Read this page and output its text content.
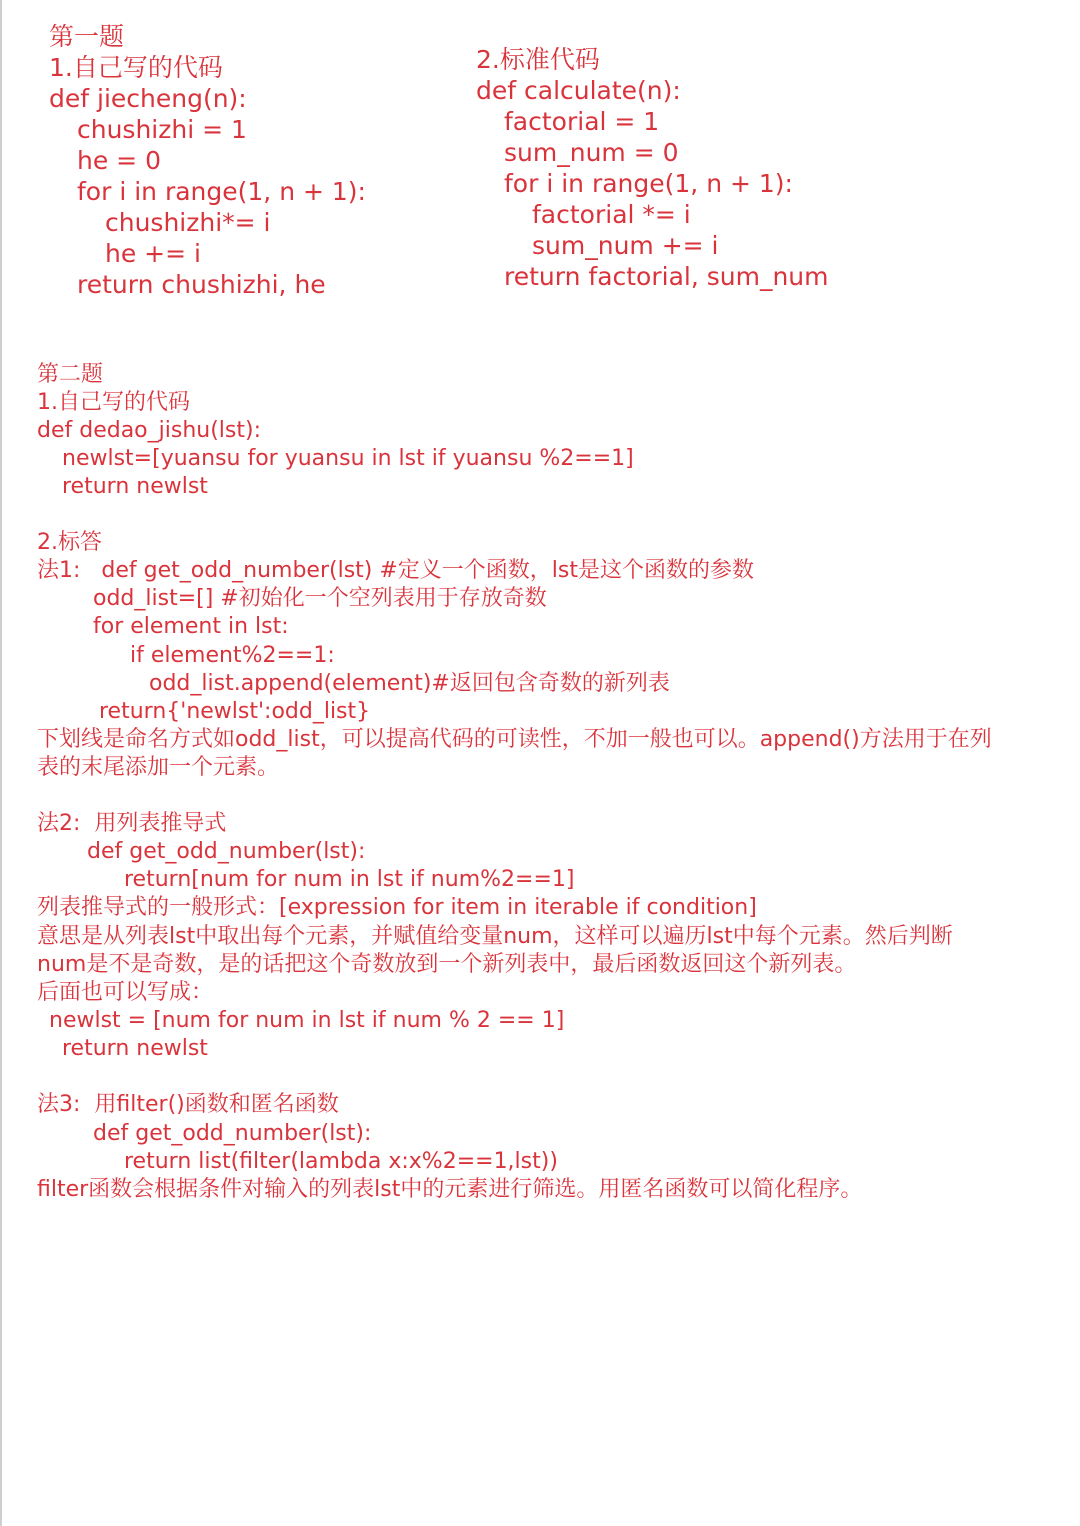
第一题
1.自己写的代码
def jiecheng(n):
chushizhi = 1
he = 0
for i in range(1, n + 1):
chushizhi*= i
he += i
return chushizhi, he
2.标准代码
def calculate(n):
factorial = 1
sum_num = 0
for i in range(1, n + 1):
factorial *= i
sum_num += i
return factorial, sum_num
第二题
1.自己写的代码
def dedao_jishu(lst):
newlst=[yuansu for yuansu in lst if yuansu %2==1]
return newlst
2.标答
法1:   def get_odd_number(lst) #定义一个函数，lst是这个函数的参数
odd_list=[] #初始化一个空列表用于存放奇数
for element in lst:
if element%2==1:
odd_list.append(element)#返回包含奇数的新列表
return{'newlst':odd_list}
下划线是命名方式如odd_list，可以提高代码的可读性，不加一般也可以。append()方法用于在列
表的末尾添加一个元素。
法2:  用列表推导式
def get_odd_number(lst):
return[num for num in lst if num%2==1]
列表推导式的一般形式：[expression for item in iterable if condition]
意思是从列表lst中取出每个元素，并赋值给变量num，这样可以遍历lst中每个元素。然后判断
num是不是奇数，是的话把这个奇数放到一个新列表中，最后函数返回这个新列表。
后面也可以写成：
newlst = [num for num in lst if num % 2 == 1]
return newlst
法3:  用filter()函数和匿名函数
def get_odd_number(lst):
return list(filter(lambda x:x%2==1,lst))
filter函数会根据条件对输入的列表lst中的元素进行筛选。用匿名函数可以简化程序。
